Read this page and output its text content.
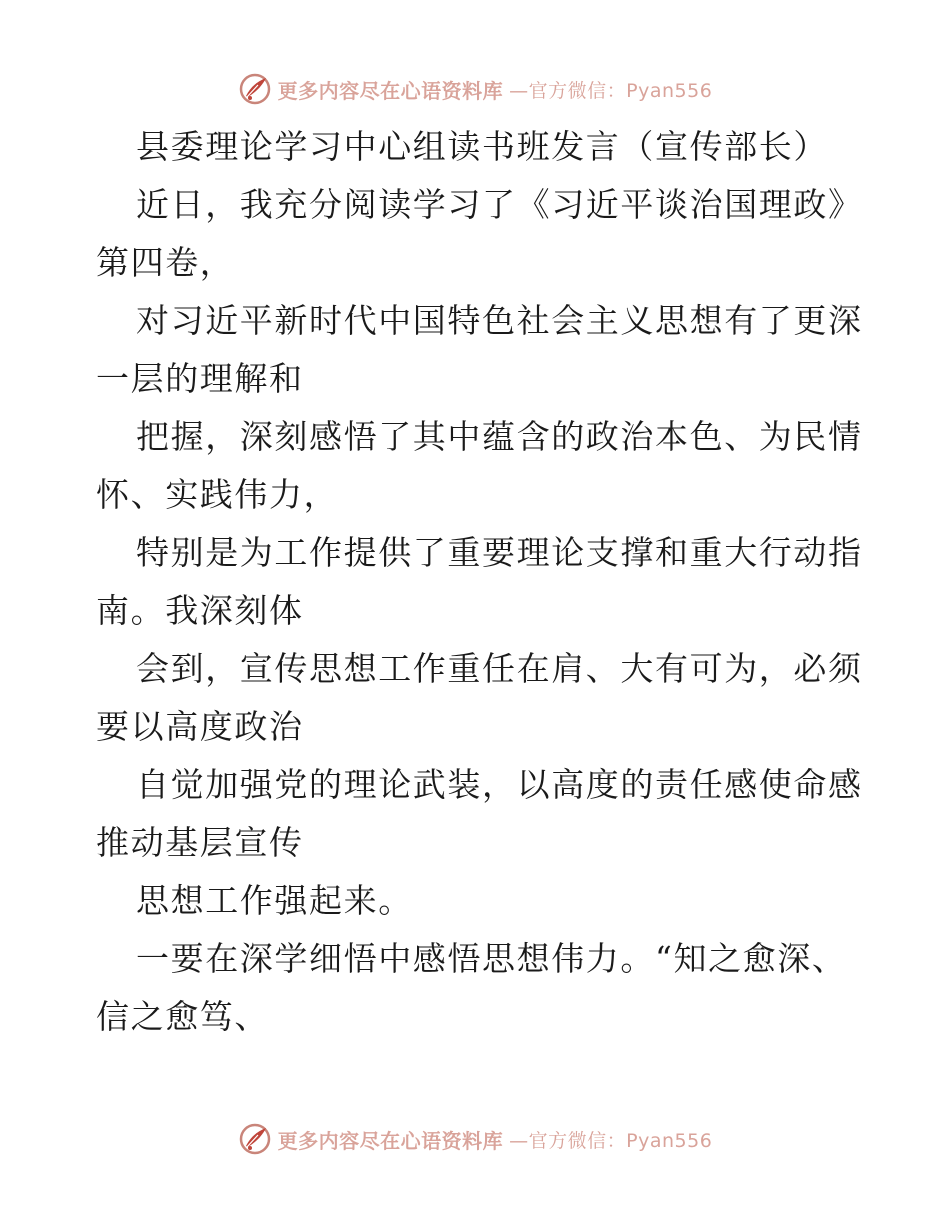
更多内容尽在心语资料库 —官方微信：Pyan556
县委理论学习中心组读书班发言（宣传部长）
近日，我充分阅读学习了《习近平谈治国理政》
第四卷，
对习近平新时代中国特色社会主义思想有了更深
一层的理解和
把握，深刻感悟了其中蕴含的政治本色、为民情
怀、实践伟力，
特别是为工作提供了重要理论支撑和重大行动指
南。我深刻体
会到，宣传思想工作重任在肩、大有可为，必须
要以高度政治
自觉加强党的理论武装，以高度的责任感使命感
推动基层宣传
思想工作强起来。
一要在深学细悟中感悟思想伟力。“知之愈深、
信之愈笃、
更多内容尽在心语资料库 —官方微信：Pyan556
